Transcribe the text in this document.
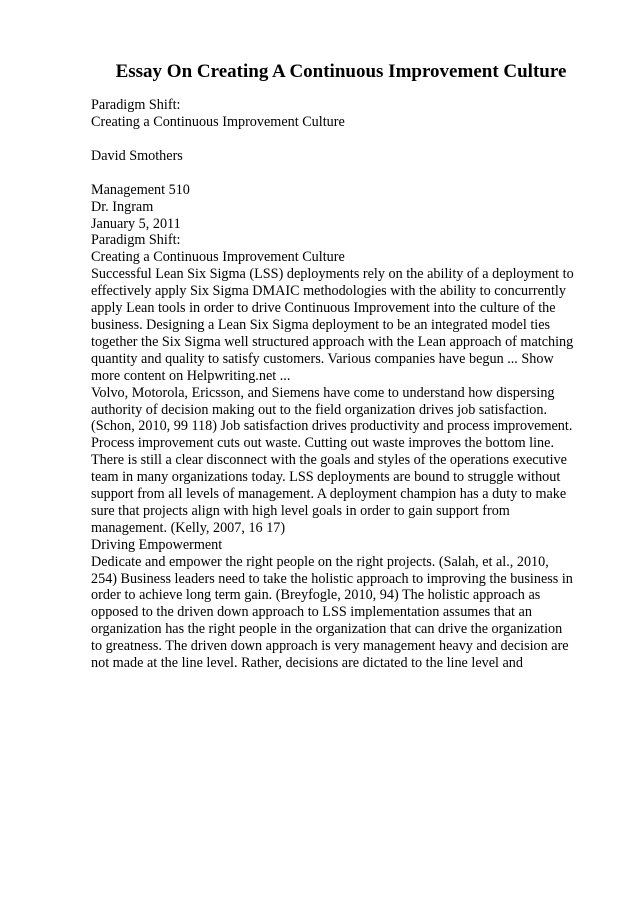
Essay On Creating A Continuous Improvement Culture
Paradigm Shift:
Creating a Continuous Improvement Culture
David Smothers
Management 510
Dr. Ingram
January 5, 2011
Paradigm Shift:
Creating a Continuous Improvement Culture
Successful Lean Six Sigma (LSS) deployments rely on the ability of a deployment to
effectively apply Six Sigma DMAIC methodologies with the ability to concurrently
apply Lean tools in order to drive Continuous Improvement into the culture of the
business. Designing a Lean Six Sigma deployment to be an integrated model ties
together the Six Sigma well structured approach with the Lean approach of matching
quantity and quality to satisfy customers. Various companies have begun ... Show
more content on Helpwriting.net ...
Volvo, Motorola, Ericsson, and Siemens have come to understand how dispersing
authority of decision making out to the field organization drives job satisfaction.
(Schon, 2010, 99 118) Job satisfaction drives productivity and process improvement.
Process improvement cuts out waste. Cutting out waste improves the bottom line.
There is still a clear disconnect with the goals and styles of the operations executive
team in many organizations today. LSS deployments are bound to struggle without
support from all levels of management. A deployment champion has a duty to make
sure that projects align with high level goals in order to gain support from
management. (Kelly, 2007, 16 17)
Driving Empowerment
Dedicate and empower the right people on the right projects. (Salah, et al., 2010,
254) Business leaders need to take the holistic approach to improving the business in
order to achieve long term gain. (Breyfogle, 2010, 94) The holistic approach as
opposed to the driven down approach to LSS implementation assumes that an
organization has the right people in the organization that can drive the organization
to greatness. The driven down approach is very management heavy and decision are
not made at the line level. Rather, decisions are dictated to the line level and
